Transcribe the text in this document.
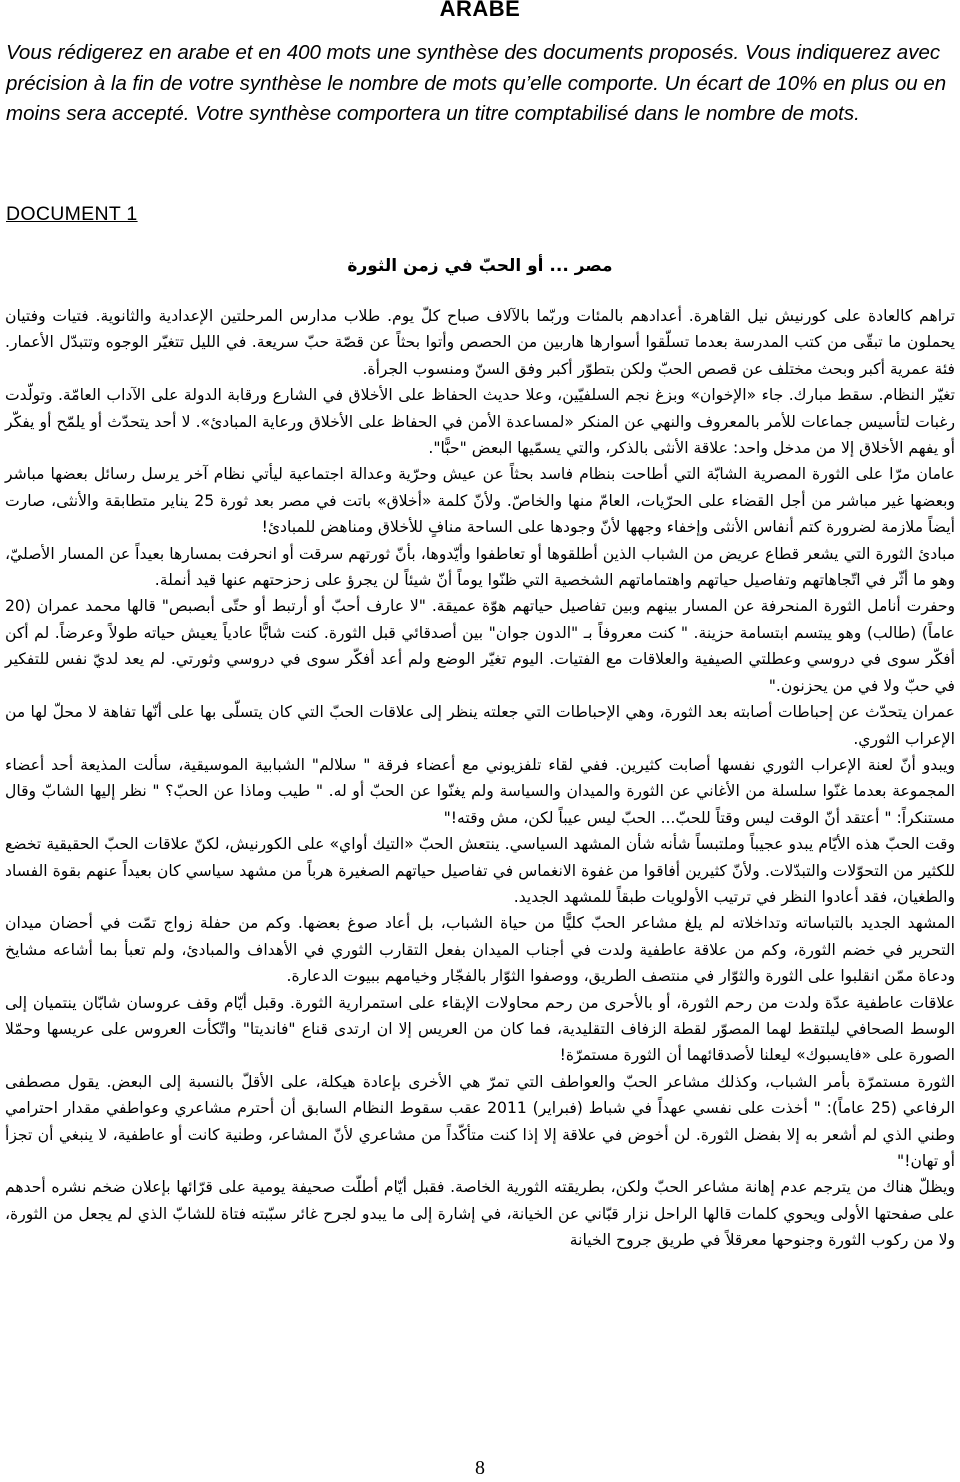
ARABE
Vous rédigerez en arabe et en 400 mots une synthèse des documents proposés. Vous indiquerez avec précision à la fin de votre synthèse le nombre de mots qu’elle comporte. Un écart de 10% en plus ou en moins sera accepté. Votre synthèse comportera un titre comptabilisé dans le nombre de mots.
DOCUMENT 1
مصر ... أو الحبّ في زمن الثورة

تراهم كالعادة على كورنيش نيل القاهرة. أعدادهم بالمئات وربّما بالآلاف صباح كلّ يوم. طلاب مدارس المرحلتين الإعدادية والثانوية. فتيات وفتيان يحملون ما تبقّى من كتب المدرسة بعدما تسلّقوا أسوارها هاربين من الحصص وأتوا بحثاً عن قصّة حبّ سريعة. في الليل تتغيّر الوجوه وتتبدّل الأعمار. فئة عمرية أكبر وبحث مختلف عن قصص الحبّ ولكن بتطوّر أكبر وفق السنّ ومنسوب الجرأة.

تغيّر النظام. سقط مبارك. جاء «الإخوان» وبزغ نجم السلفيّين، وعلا حديث الحفاظ على الأخلاق في الشارع ورقابة الدولة على الآداب العامّة. وتولّدت رغبات لتأسيس جماعات للأمر بالمعروف والنهي عن المنكر «لمساعدة الأمن في الحفاظ على الأخلاق ورعاية المبادئ». لا أحد يتحدّث أو يلمّح أو يفكّر أو يفهم الأخلاق إلا من مدخل واحد: علاقة الأنثى بالذكر، والتي يسمّيها البعض "حبًّا".

عامان مرّا على الثورة المصرية الشابّة التي أطاحت بنظام فاسد بحثاً عن عيش وحرّية وعدالة اجتماعية ليأتي نظام آخر يرسل رسائل بعضها مباشر وبعضها غير مباشر من أجل القضاء على الحرّيات، العامّ منها والخاصّ. ولأنّ كلمة «أخلاق» باتت في مصر بعد ثورة 25 يناير متطابقة والأنثى، صارت أيضاً ملازمة لضرورة كتم أنفاس الأنثى وإخفاء وجهها لأنّ وجودها على الساحة منافٍ للأخلاق ومناهض للمبادئ!

مبادئ الثورة التي يشعر قطاع عريض من الشباب الذين أطلقوها أو تعاطفوا وأيّدوها، بأنّ ثورتهم سرقت أو انحرفت بمسارها بعيداً عن المسار الأصليّ، وهو ما أثّر في اتّجاهاتهم وتفاصيل حياتهم واهتماماتهم الشخصية التي ظنّوا يوماً أنّ شيئاً لن يجرؤ على زحزحتهم عنها قيد أنملة.

وحفرت أنامل الثورة المنحرفة عن المسار بينهم وبين تفاصيل حياتهم هوّة عميقة. "لا عارف أحبّ أو أرتبط أو حتّى أبصبص" قالها محمد عمران (20 عاماً) (طالب) وهو يبتسم ابتسامة حزينة. " كنت معروفاً بـ "الدون جوان" بين أصدقائي قبل الثورة. كنت شابًّا عادياً يعيش حياته طولاً وعرضاً. لم أكن أفكّر سوى في دروسي وعطلتي الصيفية والعلاقات مع الفتيات. اليوم تغيّر الوضع ولم أعد أفكّر سوى في دروسي وثورتي. لم يعد لديّ نفس للتفكير في حبّ ولا في من يحزنون."

عمران يتحدّث عن إحباطات أصابته بعد الثورة، وهي الإحباطات التي جعلته ينظر إلى علاقات الحبّ التي كان يتسلّى بها على أنّها تفاهة لا محلّ لها من الإعراب الثوري.

ويبدو أنّ لعنة الإعراب الثوري نفسها أصابت كثيرين. ففي لقاء تلفزيوني مع أعضاء فرقة " سلالم" الشبابية الموسيقية، سألت المذيعة أحد أعضاء المجموعة بعدما غنّوا سلسلة من الأغاني عن الثورة والميدان والسياسة ولم يغنّوا عن الحبّ أو له. " طيب وماذا عن الحبّ؟ " نظر إليها الشابّ وقال مستنكراً: " أعتقد أنّ الوقت ليس وقتاً للحبّ... الحبّ ليس عيباً لكن، مش وقته!"

وقت الحبّ هذه الأيّام يبدو عجيباً وملتبساً شأنه شأن المشهد السياسي. ينتعش الحبّ «التيك أواي» على الكورنيش، لكنّ علاقات الحبّ الحقيقية تخضع للكثير من التحوّلات والتبدّلات. ولأنّ كثيرين أفاقوا من غفوة الانغماس في تفاصيل حياتهم الصغيرة هرباً من مشهد سياسي كان بعيداً عنهم بقوة الفساد والطغيان، فقد أعادوا النظر في ترتيب الأولويات طبقاً للمشهد الجديد.

المشهد الجديد بالتباساته وتداخلاته لم يلغ مشاعر الحبّ كليًّا من حياة الشباب، بل أعاد صوغ بعضها. وكم من حفلة زواج تمّت في أحضان ميدان التحرير في خضم الثورة، وكم من علاقة عاطفية ولدت في أجناب الميدان بفعل التقارب الثوري في الأهداف والمبادئ، ولم تعبأ بما أشاعه مشايخ ودعاة ممّن انقلبوا على الثورة والثوّار في منتصف الطريق، ووصفوا الثوّار بالفجّار وخيامهم ببيوت الدعارة.

علاقات عاطفية عدّة ولدت من رحم الثورة، أو بالأحرى من رحم محاولات الإبقاء على استمرارية الثورة. وقبل أيّام وقف عروسان شابّان ينتميان إلى الوسط الصحافي ليلتقط لهما المصوّر لقطة الزفاف التقليدية، فما كان من العريس إلا ان ارتدى قناع "فانديتا" واتّكأت العروس على عريسها وحمّلا الصورة على «فايسبوك» ليعلنا لأصدقائهما أن الثورة مستمرّة!

الثورة مستمرّة بأمر الشباب، وكذلك مشاعر الحبّ والعواطف التي تمرّ هي الأخرى بإعادة هيكلة، على الأقلّ بالنسبة إلى البعض. يقول مصطفى الرفاعي (25 عاماً): " أخذت على نفسي عهداً في شباط (فبراير) 2011 عقب سقوط النظام السابق أن أحترم مشاعري وعواطفي مقدار احترامي وطني الذي لم أشعر به إلا بفضل الثورة. لن أخوض في علاقة إلا إذا كنت متأكّداً من مشاعري لأنّ المشاعر، وطنية كانت أو عاطفية، لا ينبغي أن تجزأ أو تهان!"

ويظلّ هناك من يترجم عدم إهانة مشاعر الحبّ ولكن، بطريقته الثورية الخاصة. فقبل أيّام أطلّت صحيفة يومية على قرّائها بإعلان ضخم نشره أحدهم على صفحتها الأولى ويحوي كلمات قالها الراحل نزار قبّاني عن الخيانة، في إشارة إلى ما يبدو لجرح غائر سبّبته فتاة للشابّ الذي لم يجعل من الثورة، ولا من ركوب الثورة وجنوحها معرقلاً في طريق جروح الخيانة

8
